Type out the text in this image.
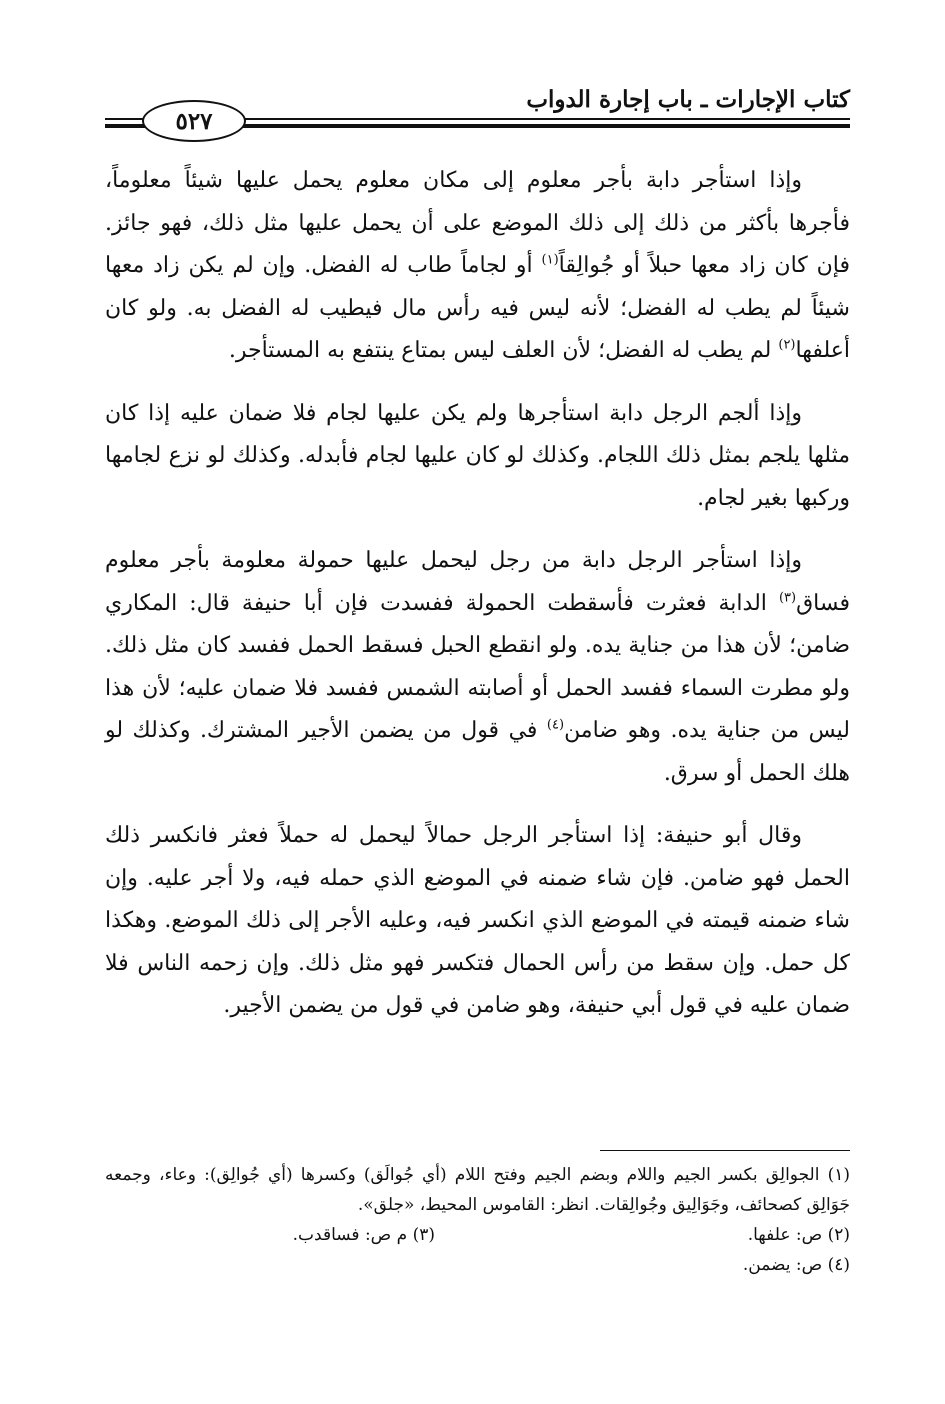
كتاب الإجارات ـ باب إجارة الدواب
٥٢٧

وإذا استأجر دابة بأجر معلوم إلى مكان معلوم يحمل عليها شيئاً معلوماً، فأجرها بأكثر من ذلك إلى ذلك الموضع على أن يحمل عليها مثل ذلك، فهو جائز. فإن كان زاد معها حبلاً أو جُوالِقاً$^{(١)}$ أو لجاماً طاب له الفضل. وإن لم يكن زاد معها شيئاً لم يطب له الفضل؛ لأنه ليس فيه رأس مال فيطيب له الفضل به. ولو كان أعلفها$^{(٢)}$ لم يطب له الفضل؛ لأن العلف ليس بمتاع ينتفع به المستأجر.

وإذا ألجم الرجل دابة استأجرها ولم يكن عليها لجام فلا ضمان عليه إذا كان مثلها يلجم بمثل ذلك اللجام. وكذلك لو كان عليها لجام فأبدله. وكذلك لو نزع لجامها وركبها بغير لجام.

وإذا استأجر الرجل دابة من رجل ليحمل عليها حمولة معلومة بأجر معلوم فساق$^{(٣)}$ الدابة فعثرت فأسقطت الحمولة ففسدت فإن أبا حنيفة قال: المكاري ضامن؛ لأن هذا من جناية يده. ولو انقطع الحبل فسقط الحمل ففسد كان مثل ذلك. ولو مطرت السماء ففسد الحمل أو أصابته الشمس ففسد فلا ضمان عليه؛ لأن هذا ليس من جناية يده. وهو ضامن$^{(٤)}$ في قول من يضمن الأجير المشترك. وكذلك لو هلك الحمل أو سرق.

وقال أبو حنيفة: إذا استأجر الرجل حمالاً ليحمل له حملاً فعثر فانكسر ذلك الحمل فهو ضامن. فإن شاء ضمنه في الموضع الذي حمله فيه، ولا أجر عليه. وإن شاء ضمنه قيمته في الموضع الذي انكسر فيه، وعليه الأجر إلى ذلك الموضع. وهكذا كل حمل. وإن سقط من رأس الحمال فتكسر فهو مثل ذلك. وإن زحمه الناس فلا ضمان عليه في قول أبي حنيفة، وهو ضامن في قول من يضمن الأجير.

(١) الجوالِق بكسر الجيم واللام وبضم الجيم وفتح اللام (أي جُوالَق) وكسرها (أي جُوالِق): وعاء، وجمعه جَوَالِق كصحائف، وجَوَالِيق وجُوالِقات. انظر: القاموس المحيط، «جلق».

(٢) ص: علفها.

(٣) م ص: فساقدب.

(٤) ص: يضمن.
